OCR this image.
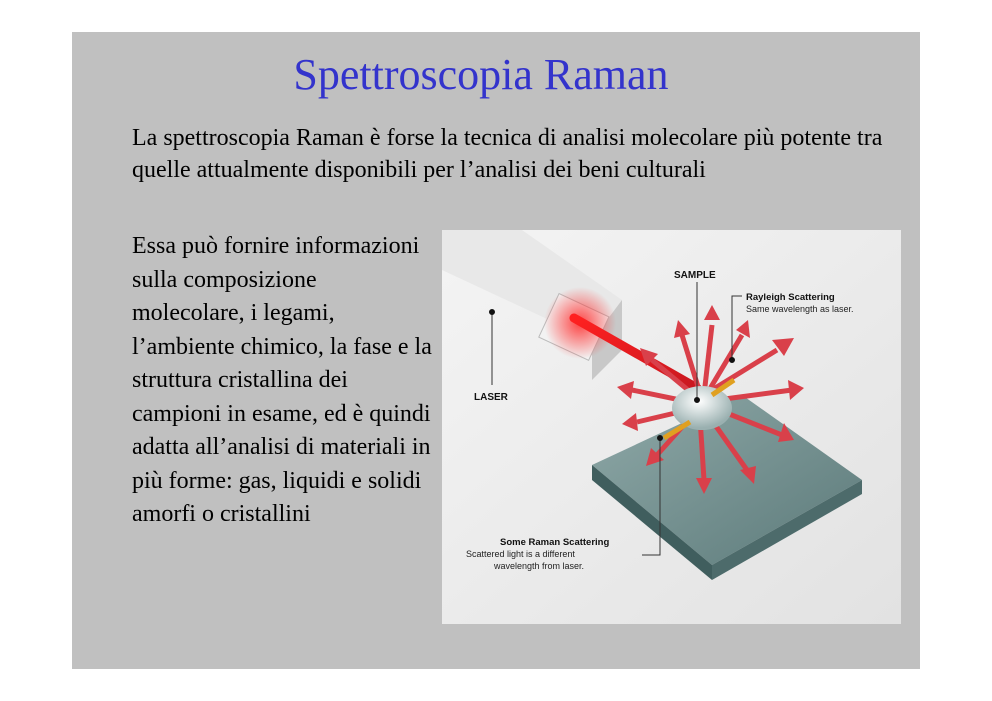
Spettroscopia Raman
La spettroscopia Raman è forse la tecnica di analisi molecolare più potente tra quelle attualmente disponibili per l’analisi dei beni culturali
Essa può fornire informazioni sulla composizione molecolare, i legami, l’ambiente chimico, la fase e la struttura cristallina dei campioni in esame, ed è quindi adatta all’analisi di materiali in più forme: gas, liquidi e solidi amorfi o cristallini
SAMPLE
LASER
Rayleigh Scattering
Same wavelength as laser.
Some Raman Scattering
Scattered light is a different
wavelength from laser.
